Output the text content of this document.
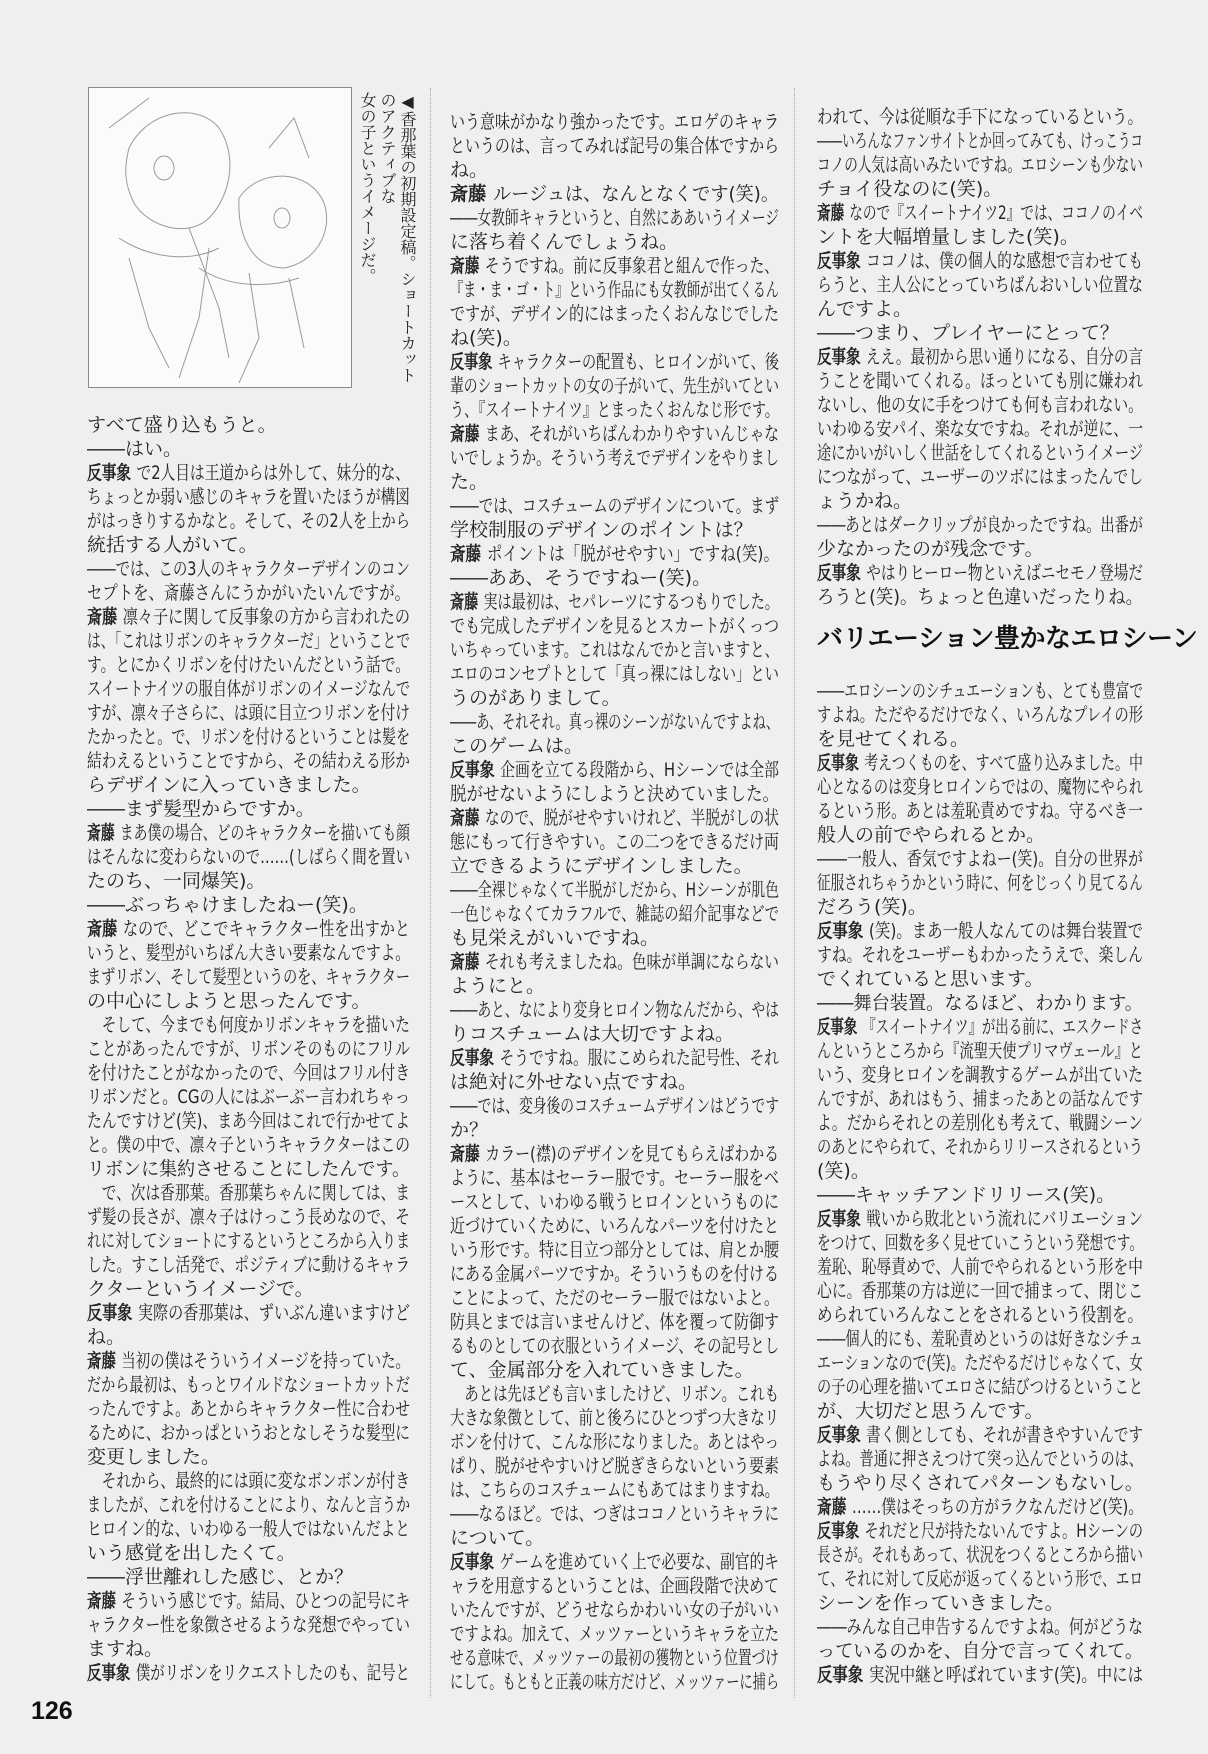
◀香那葉の初期設定稿。ショートカットのアクティブな
女の子というイメージだ。
すべて盛り込もうと。
――はい。
反事象 で2人目は王道からは外して、妹分的な、
ちょっとか弱い感じのキャラを置いたほうが構図
がはっきりするかなと。そして、その2人を上から
統括する人がいて。
――では、この3人のキャラクターデザインのコン
セプトを、斎藤さんにうかがいたいんですが。
斎藤 凛々子に関して反事象の方から言われたの
は、「これはリボンのキャラクターだ」ということで
す。とにかくリボンを付けたいんだという話で。
スイートナイツの服自体がリボンのイメージなんで
すが、凛々子さらに、は頭に目立つリボンを付け
たかったと。で、リボンを付けるということは髪を
結わえるということですから、その結わえる形か
らデザインに入っていきました。
――まず髪型からですか。
斎藤 まあ僕の場合、どのキャラクターを描いても顔
はそんなに変わらないので……(しばらく間を置い
たのち、一同爆笑)。
――ぶっちゃけましたねー(笑)。
斎藤 なので、どこでキャラクター性を出すかと
いうと、髪型がいちばん大きい要素なんですよ。
まずリボン、そして髪型というのを、キャラクター
の中心にしようと思ったんです。
　そして、今までも何度かリボンキャラを描いた
ことがあったんですが、リボンそのものにフリル
を付けたことがなかったので、今回はフリル付き
リボンだと。CGの人にはぶーぶー言われちゃっ
たんですけど(笑)、まあ今回はこれで行かせてよ
と。僕の中で、凛々子というキャラクターはこの
リボンに集約させることにしたんです。
　で、次は香那葉。香那葉ちゃんに関しては、ま
ず髪の長さが、凛々子はけっこう長めなので、そ
れに対してショートにするというところから入りま
した。すこし活発で、ポジティブに動けるキャラ
クターというイメージで。
反事象 実際の香那葉は、ずいぶん違いますけど
ね。
斎藤 当初の僕はそういうイメージを持っていた。
だから最初は、もっとワイルドなショートカットだ
ったんですよ。あとからキャラクター性に合わせ
るために、おかっぱというおとなしそうな髪型に
変更しました。
　それから、最終的には頭に変なボンボンが付き
ましたが、これを付けることにより、なんと言うか
ヒロイン的な、いわゆる一般人ではないんだよと
いう感覚を出したくて。
――浮世離れした感じ、とか？
斎藤 そういう感じです。結局、ひとつの記号にキ
ャラクター性を象徴させるような発想でやってい
ますね。
反事象 僕がリボンをリクエストしたのも、記号と
いう意味がかなり強かったです。エロゲのキャラ
というのは、言ってみれば記号の集合体ですから
ね。
斎藤 ルージュは、なんとなくです(笑)。
――女教師キャラというと、自然にああいうイメージ
に落ち着くんでしょうね。
斎藤 そうですね。前に反事象君と組んで作った、
『ま・ま・ゴ・ト』という作品にも女教師が出てくるん
ですが、デザイン的にはまったくおんなじでした
ね(笑)。
反事象 キャラクターの配置も、ヒロインがいて、後
輩のショートカットの女の子がいて、先生がいてとい
う、『スイートナイツ』とまったくおんなじ形です。
斎藤 まあ、それがいちばんわかりやすいんじゃな
いでしょうか。そういう考えでデザインをやりまし
た。
――では、コスチュームのデザインについて。まず
学校制服のデザインのポイントは？
斎藤 ポイントは「脱がせやすい」ですね(笑)。
――ああ、そうですねー(笑)。
斎藤 実は最初は、セパレーツにするつもりでした。
でも完成したデザインを見るとスカートがくっつ
いちゃっています。これはなんでかと言いますと、
エロのコンセプトとして「真っ裸にはしない」とい
うのがありまして。
――あ、それそれ。真っ裸のシーンがないんですよね、
このゲームは。
反事象 企画を立てる段階から、Hシーンでは全部
脱がせないようにしようと決めていました。
斎藤 なので、脱がせやすいけれど、半脱がしの状
態にもって行きやすい。この二つをできるだけ両
立できるようにデザインしました。
――全裸じゃなくて半脱がしだから、Hシーンが肌色
一色じゃなくてカラフルで、雑誌の紹介記事などで
も見栄えがいいですね。
斎藤 それも考えましたね。色味が単調にならない
ようにと。
――あと、なにより変身ヒロイン物なんだから、やは
りコスチュームは大切ですよね。
反事象 そうですね。服にこめられた記号性、それ
は絶対に外せない点ですね。
――では、変身後のコスチュームデザインはどうです
か？
斎藤 カラー(襟)のデザインを見てもらえばわかる
ように、基本はセーラー服です。セーラー服をベ
ースとして、いわゆる戦うヒロインというものに
近づけていくために、いろんなパーツを付けたと
いう形です。特に目立つ部分としては、肩とか腰
にある金属パーツですか。そういうものを付ける
ことによって、ただのセーラー服ではないよと。
防具とまでは言いませんけど、体を覆って防御す
るものとしての衣服というイメージ、その記号とし
て、金属部分を入れていきました。
　あとは先ほども言いましたけど、リボン。これも
大きな象徴として、前と後ろにひとつずつ大きなリ
ボンを付けて、こんな形になりました。あとはやっ
ぱり、脱がせやすいけど脱ぎきらないという要素
は、こちらのコスチュームにもあてはまりますね。
――なるほど。では、つぎはココノというキャラに
について。
反事象 ゲームを進めていく上で必要な、副官的キ
ャラを用意するということは、企画段階で決めて
いたんですが、どうせならかわいい女の子がいい
ですよね。加えて、メッツァーというキャラを立た
せる意味で、メッツァーの最初の獲物という位置づけ
にして。もともと正義の味方だけど、メッツァーに捕ら
われて、今は従順な手下になっているという。
――いろんなファンサイトとか回ってみても、けっこうコ
コノの人気は高いみたいですね。エロシーンも少ない
チョイ役なのに(笑)。
斎藤 なので『スイートナイツ2』では、ココノのイベ
ントを大幅増量しました(笑)。
反事象 ココノは、僕の個人的な感想で言わせても
らうと、主人公にとっていちばんおいしい位置な
んですよ。
――つまり、プレイヤーにとって？
反事象 ええ。最初から思い通りになる、自分の言
うことを聞いてくれる。ほっといても別に嫌われ
ないし、他の女に手をつけても何も言われない。
いわゆる安パイ、楽な女ですね。それが逆に、一
途にかいがいしく世話をしてくれるというイメージ
につながって、ユーザーのツボにはまったんでし
ょうかね。
――あとはダークリップが良かったですね。出番が
少なかったのが残念です。
反事象 やはりヒーロー物といえばニセモノ登場だ
ろうと(笑)。ちょっと色違いだったりね。
バリエーション豊かなエロシーン
――エロシーンのシチュエーションも、とても豊富で
すよね。ただやるだけでなく、いろんなプレイの形
を見せてくれる。
反事象 考えつくものを、すべて盛り込みました。中
心となるのは変身ヒロインらではの、魔物にやられ
るという形。あとは羞恥責めですね。守るべき一
般人の前でやられるとか。
――一般人、香気ですよねー(笑)。自分の世界が
征服されちゃうかという時に、何をじっくり見てるん
だろう(笑)。
反事象 (笑)。まあ一般人なんてのは舞台装置で
すね。それをユーザーもわかったうえで、楽しん
でくれていると思います。
――舞台装置。なるほど、わかります。
反事象 『スイートナイツ』が出る前に、エスクードさ
んというところから『流聖天使プリマヴェール』と
いう、変身ヒロインを調教するゲームが出ていた
んですが、あれはもう、捕まったあとの話なんです
よ。だからそれとの差別化も考えて、戦闘シーン
のあとにやられて、それからリリースされるという
(笑)。
――キャッチアンドリリース(笑)。
反事象 戦いから敗北という流れにバリエーション
をつけて、回数を多く見せていこうという発想です。
羞恥、恥辱責めで、人前でやられるという形を中
心に。香那葉の方は逆に一回で捕まって、閉じこ
められていろんなことをされるという役割を。
――個人的にも、羞恥責めというのは好きなシチュ
エーションなので(笑)。ただやるだけじゃなくて、女
の子の心理を描いてエロさに結びつけるということ
が、大切だと思うんです。
反事象 書く側としても、それが書きやすいんです
よね。普通に押さえつけて突っ込んでというのは、
もうやり尽くされてパターンもないし。
斎藤 ……僕はそっちの方がラクなんだけど(笑)。
反事象 それだと尺が持たないんですよ。Hシーンの
長さが。それもあって、状況をつくるところから描い
て、それに対して反応が返ってくるという形で、エロ
シーンを作っていきました。
――みんな自己申告するんですよね。何がどうな
っているのかを、自分で言ってくれて。
反事象 実況中継と呼ばれています(笑)。中には
126
